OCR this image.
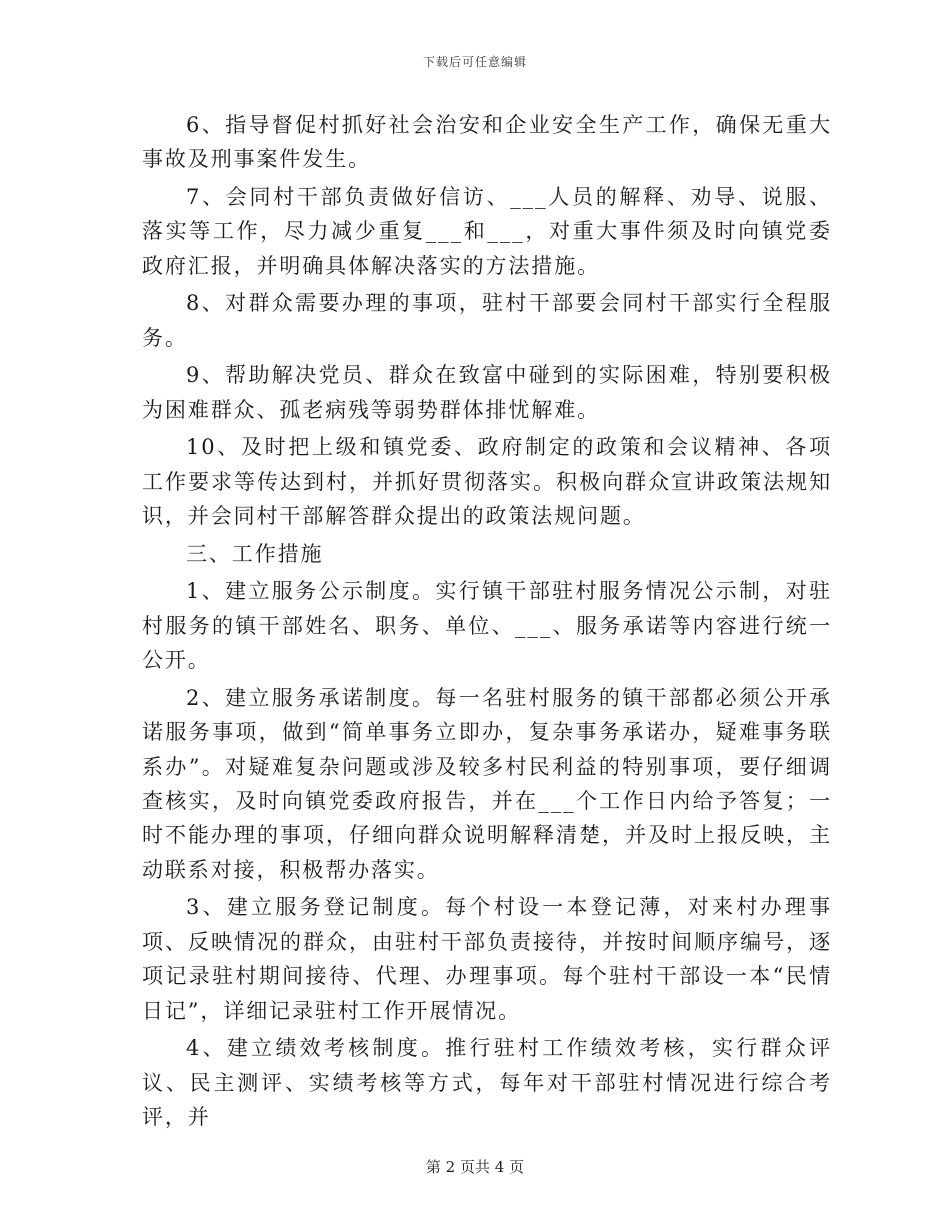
下载后可任意编辑

6、指导督促村抓好社会治安和企业安全生产工作，确保无重大事故及刑事案件发生。

7、会同村干部负责做好信访、___人员的解释、劝导、说服、落实等工作，尽力减少重复___和___，对重大事件须及时向镇党委政府汇报，并明确具体解决落实的方法措施。

8、对群众需要办理的事项，驻村干部要会同村干部实行全程服务。

9、帮助解决党员、群众在致富中碰到的实际困难，特别要积极为困难群众、孤老病残等弱势群体排忧解难。

10、及时把上级和镇党委、政府制定的政策和会议精神、各项工作要求等传达到村，并抓好贯彻落实。积极向群众宣讲政策法规知识，并会同村干部解答群众提出的政策法规问题。

三、工作措施

1、建立服务公示制度。实行镇干部驻村服务情况公示制，对驻村服务的镇干部姓名、职务、单位、___、服务承诺等内容进行统一公开。

2、建立服务承诺制度。每一名驻村服务的镇干部都必须公开承诺服务事项，做到“简单事务立即办，复杂事务承诺办，疑难事务联系办”。对疑难复杂问题或涉及较多村民利益的特别事项，要仔细调查核实，及时向镇党委政府报告，并在___个工作日内给予答复；一时不能办理的事项，仔细向群众说明解释清楚，并及时上报反映，主动联系对接，积极帮办落实。

3、建立服务登记制度。每个村设一本登记薄，对来村办理事项、反映情况的群众，由驻村干部负责接待，并按时间顺序编号，逐项记录驻村期间接待、代理、办理事项。每个驻村干部设一本“民情日记”，详细记录驻村工作开展情况。

4、建立绩效考核制度。推行驻村工作绩效考核，实行群众评议、民主测评、实绩考核等方式，每年对干部驻村情况进行综合考评，并

第 2 页共 4 页
